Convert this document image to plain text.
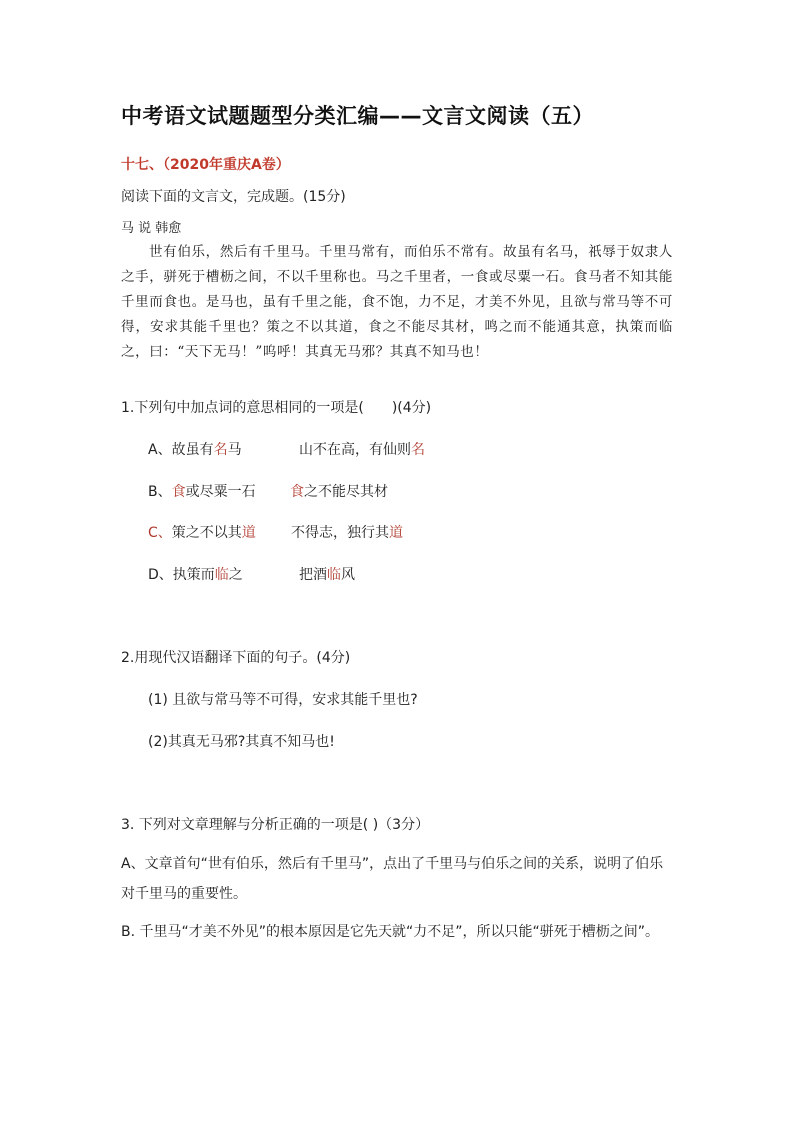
中考语文试题题型分类汇编——文言文阅读（五）
十七、（2020年重庆A卷）
阅读下面的文言文，完成题。(15分)
马 说 韩愈
世有伯乐，然后有千里马。千里马常有，而伯乐不常有。故虽有名马，祇辱于奴隶人之手，骈死于槽枥之间，不以千里称也。马之千里者，一食或尽粟一石。食马者不知其能千里而食也。是马也，虽有千里之能，食不饱，力不足，才美不外见，且欲与常马等不可得，安求其能千里也？策之不以其道，食之不能尽其材，鸣之而不能通其意，执策而临之，曰：“天下无马！”呜呼！其真无马邪？其真不知马也！
1.下列句中加点词的意思相同的一项是(　　)(4分)
A、故虽有名马	山不在高，有仙则名
B、食或尽粟一石 食之不能尽其材
C、策之不以其道	不得志，独行其道
D、执策而临之	把酒临风
2.用现代汉语翻译下面的句子。(4分)
(1) 且欲与常马等不可得，安求其能千里也?
(2)其真无马邪?其真不知马也!
3. 下列对文章理解与分析正确的一项是( )（3分）
A、文章首句“世有伯乐，然后有千里马”，点出了千里马与伯乐之间的关系，说明了伯乐对千里马的重要性。
B. 千里马“才美不外见”的根本原因是它先天就“力不足”，所以只能“骈死于槽枥之间”。
